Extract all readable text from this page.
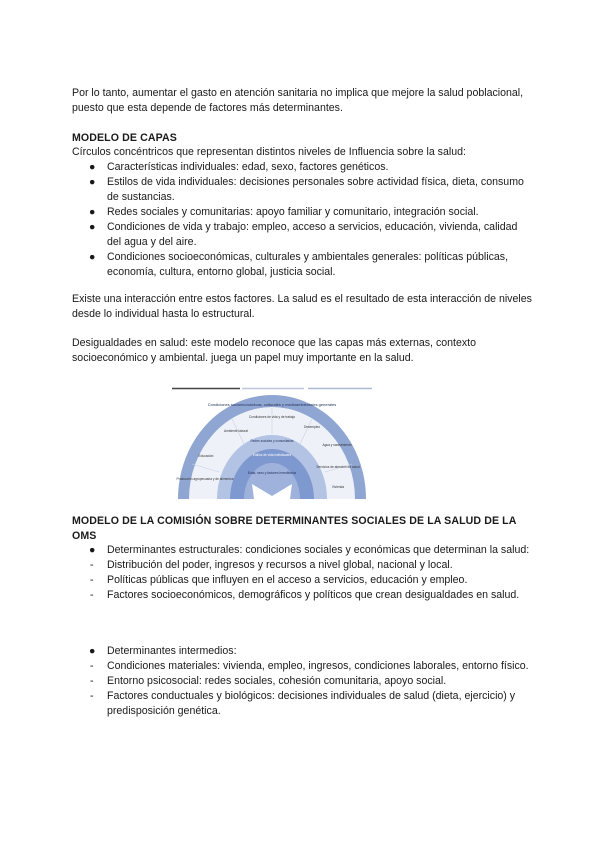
Por lo tanto, aumentar el gasto en atención sanitaria no implica que mejore la salud poblacional, puesto que esta depende de factores más determinantes.

MODELO DE CAPAS

Círculos concéntricos que representan distintos niveles de Influencia sobre la salud:

● Características individuales: edad, sexo, factores genéticos.
● Estilos de vida individuales: decisiones personales sobre actividad física, dieta, consumo de sustancias.
● Redes sociales y comunitarias: apoyo familiar y comunitario, integración social.
● Condiciones de vida y trabajo: empleo, acceso a servicios, educación, vivienda, calidad del agua y del aire.
● Condiciones socioeconómicas, culturales y ambientales generales: políticas públicas, economía, cultura, entorno global, justicia social.

Existe una interacción entre estos factores. La salud es el resultado de esta interacción de niveles desde lo individual hasta lo estructural.

Desigualdades en salud: este modelo reconoce que las capas más externas, contexto socioeconómico y ambiental. juega un papel muy importante en la salud.

Condiciones socioeconómicas, culturales y medioambientales generales
Redes sociales y comunitarias
Estilos de vida individuales
Edad, sexo y factores hereditarios
Condiciones de vida y de trabajo
Ambiente laboral
Desempleo
Educación
Agua y saneamiento
Producción agropecuaria y de alimentos
Servicios de atención de salud
Vivienda

MODELO DE LA COMISIÓN SOBRE DETERMINANTES SOCIALES DE LA SALUD DE LA OMS

● Determinantes estructurales: condiciones sociales y económicas que determinan la salud:
- Distribución del poder, ingresos y recursos a nivel global, nacional y local.
- Políticas públicas que influyen en el acceso a servicios, educación y empleo.
- Factores socioeconómicos, demográficos y políticos que crean desigualdades en salud.
● Determinantes intermedios:
- Condiciones materiales: vivienda, empleo, ingresos, condiciones laborales, entorno físico.
- Entorno psicosocial: redes sociales, cohesión comunitaria, apoyo social.
- Factores conductuales y biológicos: decisiones individuales de salud (dieta, ejercicio) y predisposición genética.
